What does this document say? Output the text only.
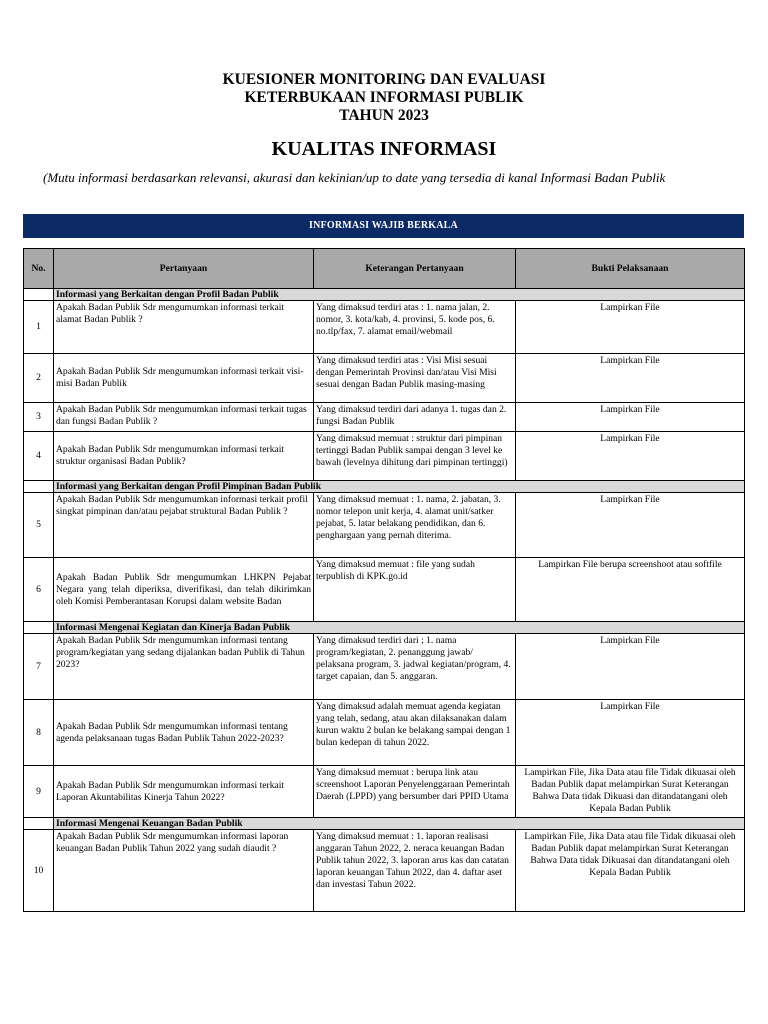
KUESIONER MONITORING DAN EVALUASI
KETERBUKAAN INFORMASI PUBLIK
TAHUN 2023
KUALITAS INFORMASI
(Mutu informasi berdasarkan relevansi, akurasi dan kekinian/up to date yang tersedia di kanal Informasi Badan Publik
INFORMASI WAJIB BERKALA
No.	Pertanyaan	Keterangan Pertanyaan	Bukti Pelaksanaan
	Informasi yang Berkaitan dengan Profil Badan Publik		
1	Apakah Badan Publik Sdr mengumumkan informasi terkait alamat Badan Publik ?	Yang dimaksud terdiri atas : 1. nama jalan, 2. nomor, 3. kota/kab, 4. provinsi, 5. kode pos, 6. no.tlp/fax, 7. alamat email/webmail	Lampirkan File
2	Apakah Badan Publik Sdr mengumumkan informasi terkait visi-misi Badan Publik	Yang dimaksud terdiri atas : Visi Misi sesuai dengan Pemerintah Provinsi dan/atau Visi Misi sesuai dengan Badan Publik masing-masing	Lampirkan File
3	Apakah Badan Publik Sdr mengumumkan informasi terkait tugas dan fungsi Badan Publik ?	Yang dimaksud terdiri dari adanya 1. tugas dan 2. fungsi Badan Publik	Lampirkan File
4	Apakah Badan Publik Sdr mengumumkan informasi terkait struktur organisasi Badan Publik?	Yang dimaksud memuat : struktur dari pimpinan tertinggi Badan Publik sampai dengan 3 level ke bawah (levelnya dihitung dari pimpinan tertinggi)	Lampirkan File
	Informasi yang Berkaitan dengan Profil Pimpinan Badan Publik		
5	Apakah Badan Publik Sdr mengumumkan informasi terkait profil singkat pimpinan dan/atau pejabat struktural Badan Publik ?	Yang dimaksud memuat : 1. nama, 2. jabatan, 3. nomor telepon unit kerja, 4. alamat unit/satker pejabat, 5. latar belakang pendidikan, dan 6. penghargaan yang pernah diterima.	Lampirkan File
6	Apakah Badan Publik Sdr mengumumkan LHKPN Pejabat Negara yang telah diperiksa, diverifikasi, dan telah dikirimkan oleh Komisi Pemberantasan Korupsi dalam website Badan	Yang dimaksud memuat : file yang sudah terpublish di KPK.go.id	Lampirkan File berupa screenshoot atau softfile
	Informasi Mengenai Kegiatan dan Kinerja Badan Publik		
7	Apakah Badan Publik Sdr mengumumkan informasi tentang program/kegiatan yang sedang dijalankan badan Publik di Tahun 2023?	Yang dimaksud terdiri dari ; 1. nama program/kegiatan, 2. penanggung jawab/ pelaksana program, 3. jadwal kegiatan/program, 4. target capaian, dan 5. anggaran.	Lampirkan File
8	Apakah Badan Publik Sdr mengumumkan informasi tentang agenda pelaksanaan tugas Badan Publik Tahun 2022-2023?	Yang dimaksud adalah memuat agenda kegiatan yang telah, sedang, atau akan dilaksanakan dalam kurun waktu 2 bulan ke belakang sampai dengan 1 bulan kedepan di tahun 2022.	Lampirkan File
9	Apakah Badan Publik Sdr mengumumkan informasi terkait Laporan Akuntabilitas Kinerja Tahun 2022?	Yang dimaksud memuat : berupa link atau screenshoot Laporan Penyelenggaraan Pemerintah Daerah (LPPD) yang bersumber dari PPID Utama	Lampirkan File, Jika Data atau file Tidak dikuasai oleh Badan Publik dapat melampirkan Surat Keterangan Bahwa Data tidak Dikuasi dan ditandatangani oleh Kepala Badan Publik
	Informasi Mengenai Keuangan Badan Publik		
10	Apakah Badan Publik Sdr mengumumkan informasi laporan keuangan Badan Publik Tahun 2022 yang sudah diaudit ?	Yang dimaksud memuat : 1. laporan realisasi anggaran Tahun 2022, 2. neraca keuangan Badan Publik tahun 2022, 3. laporan arus kas dan catatan laporan keuangan Tahun 2022, dan 4. daftar aset dan investasi Tahun 2022.	Lampirkan File, Jika Data atau file Tidak dikuasai oleh Badan Publik dapat melampirkan Surat Keterangan Bahwa Data tidak Dikuasai dan ditandatangani oleh Kepala Badan Publik
